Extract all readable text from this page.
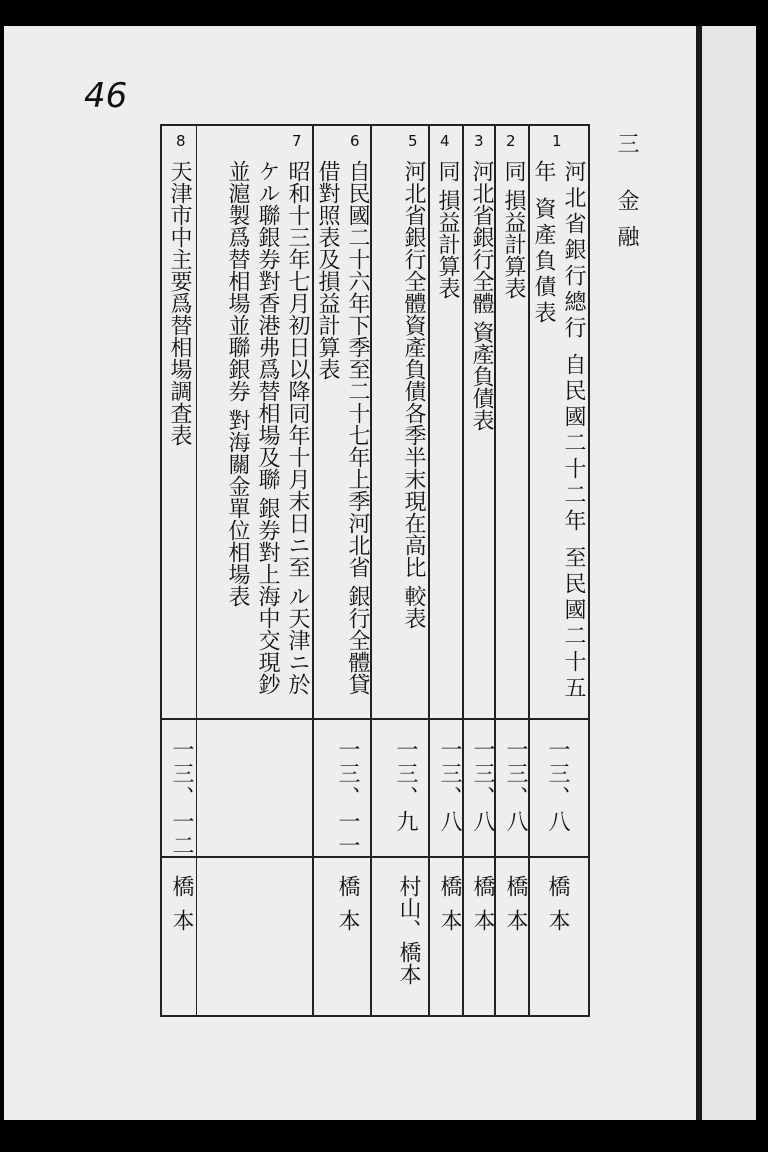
46
三 金融
1
河北省銀行總行 自民國二十二年 至民國二十五年 資產負債表
一三、八
橋本
2
同 損益計算表
一三、八
橋本
3
河北省銀行全體 資產負債表
一三、八
橋本
4
同 損益計算表
一三、八
橋本
5
河北省銀行全體資產負債各季半末現在高比 較表
一三、九
村山、橋本
6
自民國二十六年下季至二十七年上季河北省 銀行全體貸借對照表及損益計算表
一三、一一
橋本
7
昭和十三年七月初日以降同年十月末日ニ至 ル天津ニ於ケル聯銀券對香港弗爲替相場及聯 銀券對上海中交現鈔並滬製爲替相場並聯銀券 對海關金單位相場表
8
天津市中主要爲替相場調査表
一三、一二
橋本
